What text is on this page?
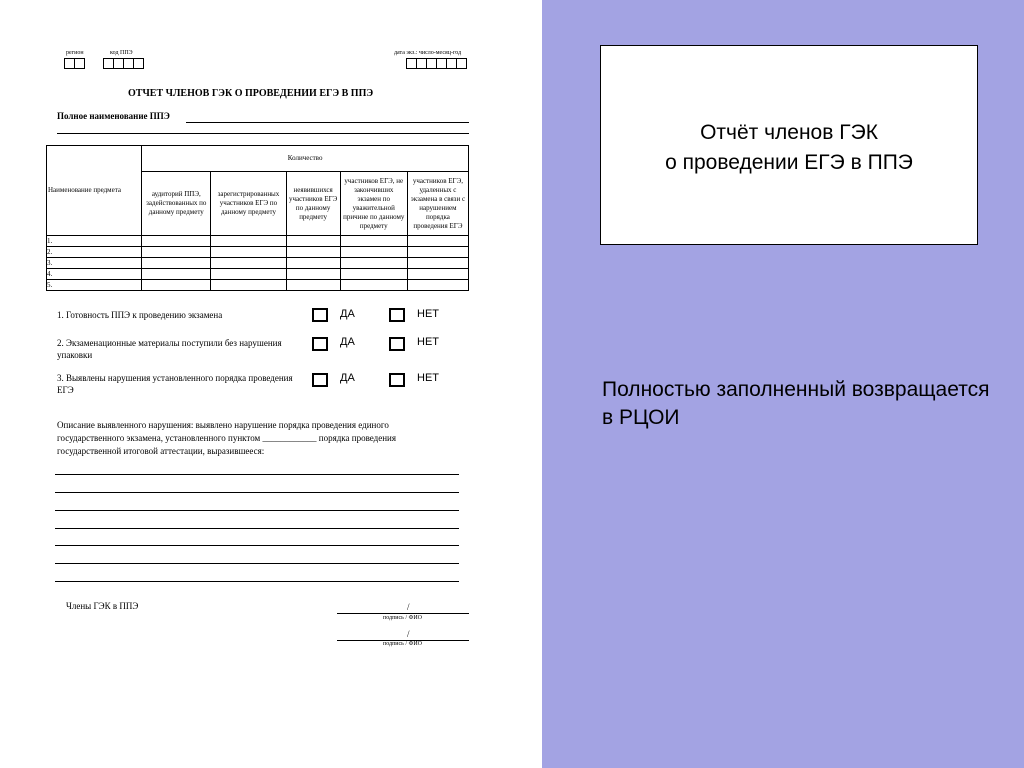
регион	код ППЭ	дата экз.: число-месяц-год
ОТЧЕТ ЧЛЕНОВ ГЭК О ПРОВЕДЕНИИ ЕГЭ В ППЭ
Полное наименование ППЭ
Наименование предмета	Количество				
	аудиторий ППЭ, задействованных по данному предмету	зарегистрированных участников ЕГЭ по данному предмету	неявившихся участников ЕГЭ по данному предмету	участников ЕГЭ, не закончивших экзамен по уважительной причине по данному предмету	участников ЕГЭ, удаленных с экзамена в связи с нарушением порядка проведения ЕГЭ
1.					
2.					
3.					
4.					
5.					
1. Готовность ППЭ к проведению экзамена	ДА	НЕТ
2. Экзаменационные материалы поступили без нарушения упаковки
ДА	НЕТ
3. Выявлены нарушения установленного порядка проведения ЕГЭ
ДА	НЕТ
Описание выявленного нарушения: выявлено нарушение порядка проведения единого государственного экзамена, установленного пунктом ____________ порядка проведения государственной итоговой аттестации, выразившееся:
Члены ГЭК в ППЭ	/
подпись / ФИО
/
подпись / ФИО
Отчёт членов ГЭК
о проведении ЕГЭ в ППЭ
Полностью заполненный возвращается в РЦОИ
